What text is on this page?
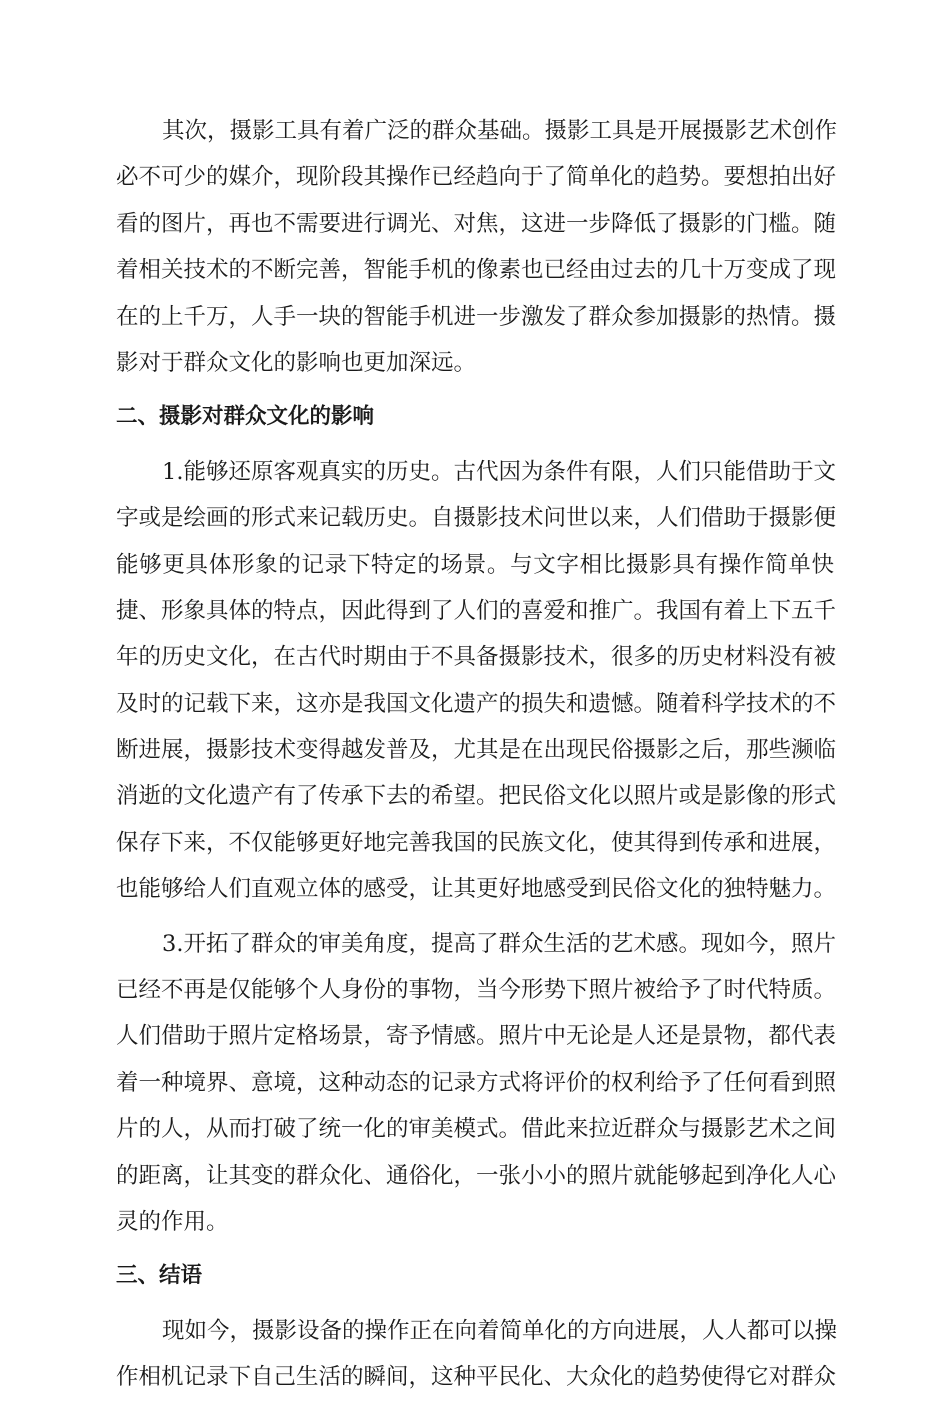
其次，摄影工具有着广泛的群众基础。摄影工具是开展摄影艺术创作
必不可少的媒介，现阶段其操作已经趋向于了简单化的趋势。要想拍出好
看的图片，再也不需要进行调光、对焦，这进一步降低了摄影的门槛。随
着相关技术的不断完善，智能手机的像素也已经由过去的几十万变成了现
在的上千万，人手一块的智能手机进一步激发了群众参加摄影的热情。摄
影对于群众文化的影响也更加深远。
二、摄影对群众文化的影响
1.能够还原客观真实的历史。古代因为条件有限，人们只能借助于文
字或是绘画的形式来记载历史。自摄影技术问世以来，人们借助于摄影便
能够更具体形象的记录下特定的场景。与文字相比摄影具有操作简单快
捷、形象具体的特点，因此得到了人们的喜爱和推广。我国有着上下五千
年的历史文化，在古代时期由于不具备摄影技术，很多的历史材料没有被
及时的记载下来，这亦是我国文化遗产的损失和遗憾。随着科学技术的不
断进展，摄影技术变得越发普及，尤其是在出现民俗摄影之后，那些濒临
消逝的文化遗产有了传承下去的希望。把民俗文化以照片或是影像的形式
保存下来，不仅能够更好地完善我国的民族文化，使其得到传承和进展，
也能够给人们直观立体的感受，让其更好地感受到民俗文化的独特魅力。
3.开拓了群众的审美角度，提高了群众生活的艺术感。现如今，照片
已经不再是仅能够个人身份的事物，当今形势下照片被给予了时代特质。
人们借助于照片定格场景，寄予情感。照片中无论是人还是景物，都代表
着一种境界、意境，这种动态的记录方式将评价的权利给予了任何看到照
片的人，从而打破了统一化的审美模式。借此来拉近群众与摄影艺术之间
的距离，让其变的群众化、通俗化，一张小小的照片就能够起到净化人心
灵的作用。
三、结语
现如今，摄影设备的操作正在向着简单化的方向进展，人人都可以操
作相机记录下自己生活的瞬间，这种平民化、大众化的趋势使得它对群众
